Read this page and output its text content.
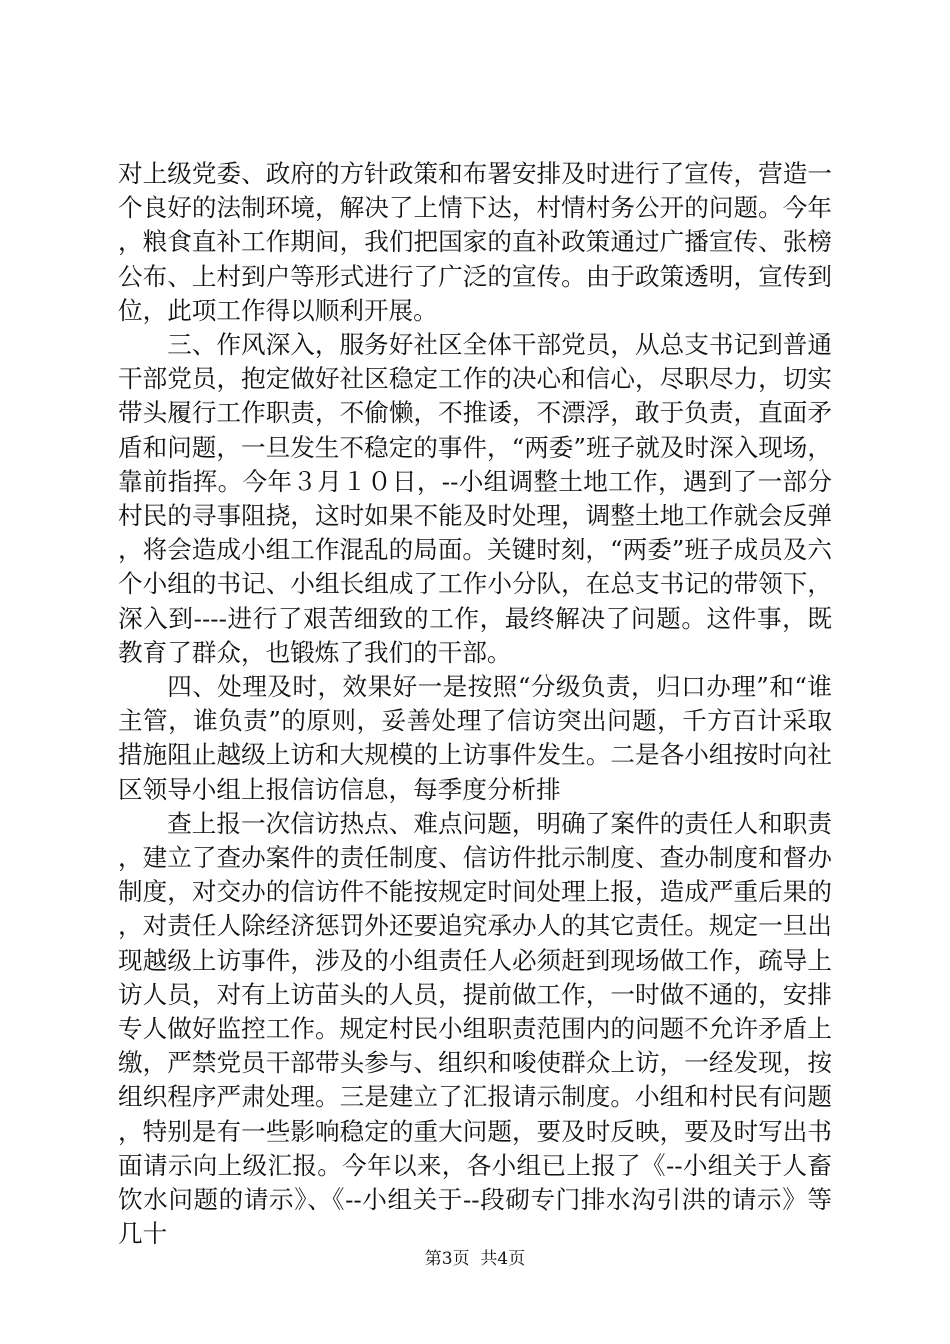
对上级党委、政府的方针政策和布署安排及时进行了宣传，营造一个良好的法制环境，解决了上情下达，村情村务公开的问题。今年，粮食直补工作期间，我们把国家的直补政策通过广播宣传、张榜公布、上村到户等形式进行了广泛的宣传。由于政策透明，宣传到位，此项工作得以顺利开展。

三、作风深入，服务好社区全体干部党员，从总支书记到普通干部党员，抱定做好社区稳定工作的决心和信心，尽职尽力，切实带头履行工作职责，不偷懒，不推诿，不漂浮，敢于负责，直面矛盾和问题，一旦发生不稳定的事件，“两委”班子就及时深入现场，靠前指挥。今年３月１０日，--小组调整土地工作，遇到了一部分村民的寻事阻挠，这时如果不能及时处理，调整土地工作就会反弹，将会造成小组工作混乱的局面。关键时刻，“两委”班子成员及六个小组的书记、小组长组成了工作小分队，在总支书记的带领下，深入到----进行了艰苦细致的工作，最终解决了问题。这件事，既教育了群众，也锻炼了我们的干部。

四、处理及时，效果好一是按照“分级负责，归口办理”和“谁主管，谁负责”的原则，妥善处理了信访突出问题，千方百计采取措施阻止越级上访和大规模的上访事件发生。二是各小组按时向社区领导小组上报信访信息，每季度分析排

查上报一次信访热点、难点问题，明确了案件的责任人和职责，建立了查办案件的责任制度、信访件批示制度、查办制度和督办制度，对交办的信访件不能按规定时间处理上报，造成严重后果的，对责任人除经济惩罚外还要追究承办人的其它责任。规定一旦出现越级上访事件，涉及的小组责任人必须赶到现场做工作，疏导上访人员，对有上访苗头的人员，提前做工作，一时做不通的，安排专人做好监控工作。规定村民小组职责范围内的问题不允许矛盾上缴，严禁党员干部带头参与、组织和唆使群众上访，一经发现，按组织程序严肃处理。三是建立了汇报请示制度。小组和村民有问题，特别是有一些影响稳定的重大问题，要及时反映，要及时写出书面请示向上级汇报。今年以来，各小组已上报了《--小组关于人畜饮水问题的请示》、《--小组关于--段砌专门排水沟引洪的请示》等几十

第3页  共4页
